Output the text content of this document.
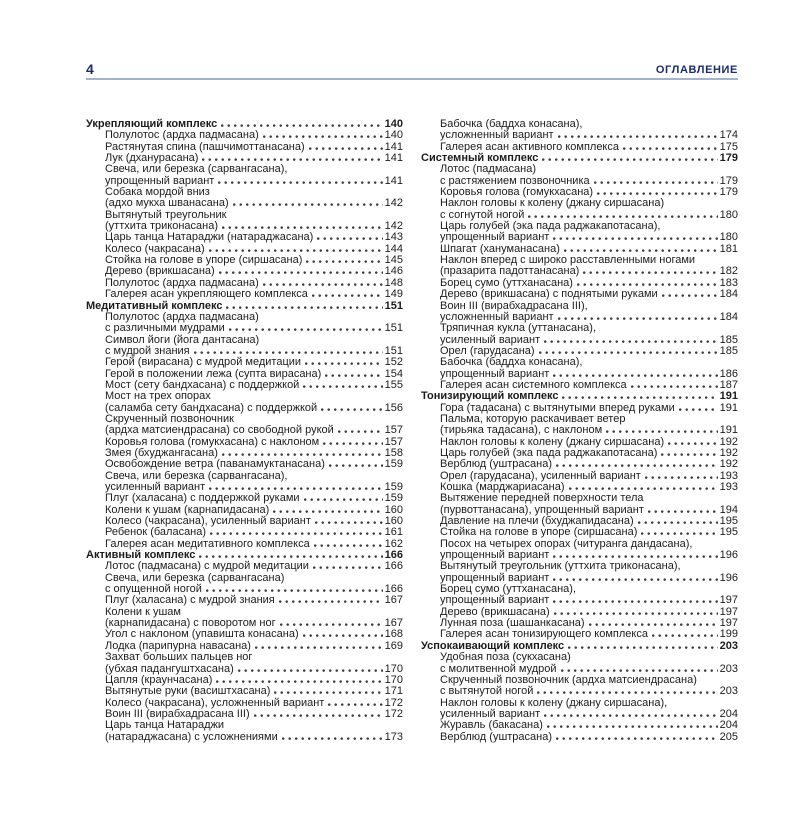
4	ОГЛАВЛЕНИЕ
Укрепляющий комплекс	140
Полулотос (ардха падмасана)	140
Растянутая спина (пашчимоттанасана)	141
Лук (дханурасана)	141
Свеча, или березка (сарвангасана),
упрощенный вариант	141
Собака мордой вниз
(адхо мукха шванасана)	142
Вытянутый треугольник
(уттхита триконасана)	142
Царь танца Натараджи (натараджасана)	143
Колесо (чакрасана)	144
Стойка на голове в упоре (сиршасана)	145
Дерево (врикшасана)	146
Полулотос (ардха падмасана)	148
Галерея асан укрепляющего комплекса	149
Медитативный комплекс	151
Полулотос (ардха падмасана)
с различными мудрами	151
Символ йоги (йога дантасана)
с мудрой знания	151
Герой (вирасана) с мудрой медитации	152
Герой в положении лежа (супта вирасана)	154
Мост (сету бандхасана) с поддержкой	155
Мост на трех опорах
(саламба сету бандхасана) с поддержкой	156
Скрученный позвоночник
(ардха матсиендрасана) со свободной рукой	157
Коровья голова (гомукхасана) с наклоном	157
Змея (бхуджангасана)	158
Освобождение ветра (паванамуктанасана)	159
Свеча, или березка (сарвангасана),
усиленный вариант	159
Плуг (халасана) с поддержкой руками	159
Колени к ушам (карнапидасана)	160
Колесо (чакрасана), усиленный вариант	160
Ребенок (баласана)	161
Галерея асан медитативного комплекса	162
Активный комплекс	166
Лотос (падмасана) с мудрой медитации	166
Свеча, или березка (сарвангасана)
с опущенной ногой	166
Плуг (халасана) с мудрой знания	167
Колени к ушам
(карнапидасана) с поворотом ног	167
Угол с наклоном (упавишта конасана)	168
Лодка (парипурна навасана)	169
Захват больших пальцев ног
(убхая падангуштхасана)	170
Цапля (краунчасана)	170
Вытянутые руки (васиштхасана)	171
Колесо (чакрасана), усложненный вариант	172
Воин III (вирабхадрасана III)	172
Царь танца Натараджи
(натараджасана) с усложнениями	173
Бабочка (баддха конасана),
усложненный вариант	174
Галерея асан активного комплекса	175
Системный комплекс	179
Лотос (падмасана)
с растяжением позвоночника	179
Коровья голова (гомукхасана)	179
Наклон головы к колену (джану сиршасана)
с согнутой ногой	180
Царь голубей (эка пада раджакапотасана),
упрощенный вариант	180
Шпагат (хануманасана)	181
Наклон вперед с широко расставленными ногами
(празарита падоттанасана)	182
Борец сумо (уттханасана)	183
Дерево (врикшасана) с поднятыми руками	184
Воин III (вирабхадрасана III),
усложненный вариант	184
Тряпичная кукла (уттанасана),
усиленный вариант	185
Орел (гарудасана)	185
Бабочка (баддха конасана),
упрощенный вариант	186
Галерея асан системного комплекса	187
Тонизирующий комплекс	191
Гора (тадасана) с вытянутыми вперед руками	191
Пальма, которую раскачивает ветер
(тирьяка тадасана), с наклоном	191
Наклон головы к колену (джану сиршасана)	192
Царь голубей (эка пада раджакапотасана)	192
Верблюд (уштрасана)	192
Орел (гарудасана), усиленный вариант	193
Кошка (марджариасана)	193
Вытяжение передней поверхности тела
(пурвоттанасана), упрощенный вариант	194
Давление на плечи (бхуджапидасана)	195
Стойка на голове в упоре (сиршасана)	195
Посох на четырех опорах (читуранга дандасана),
упрощенный вариант	196
Вытянутый треугольник (уттхита триконасана),
упрощенный вариант	196
Борец сумо (уттханасана),
упрощенный вариант	197
Дерево (врикшасана)	197
Лунная поза (шашанкасана)	197
Галерея асан тонизирующего комплекса	199
Успокаивающий комплекс	203
Удобная поза (сукхасана)
с молитвенной мудрой	203
Скрученный позвоночник (ардха матсиендрасана)
с вытянутой ногой	203
Наклон головы к колену (джану сиршасана),
усиленный вариант	204
Журавль (бакасана)	204
Верблюд (уштрасана)	205
